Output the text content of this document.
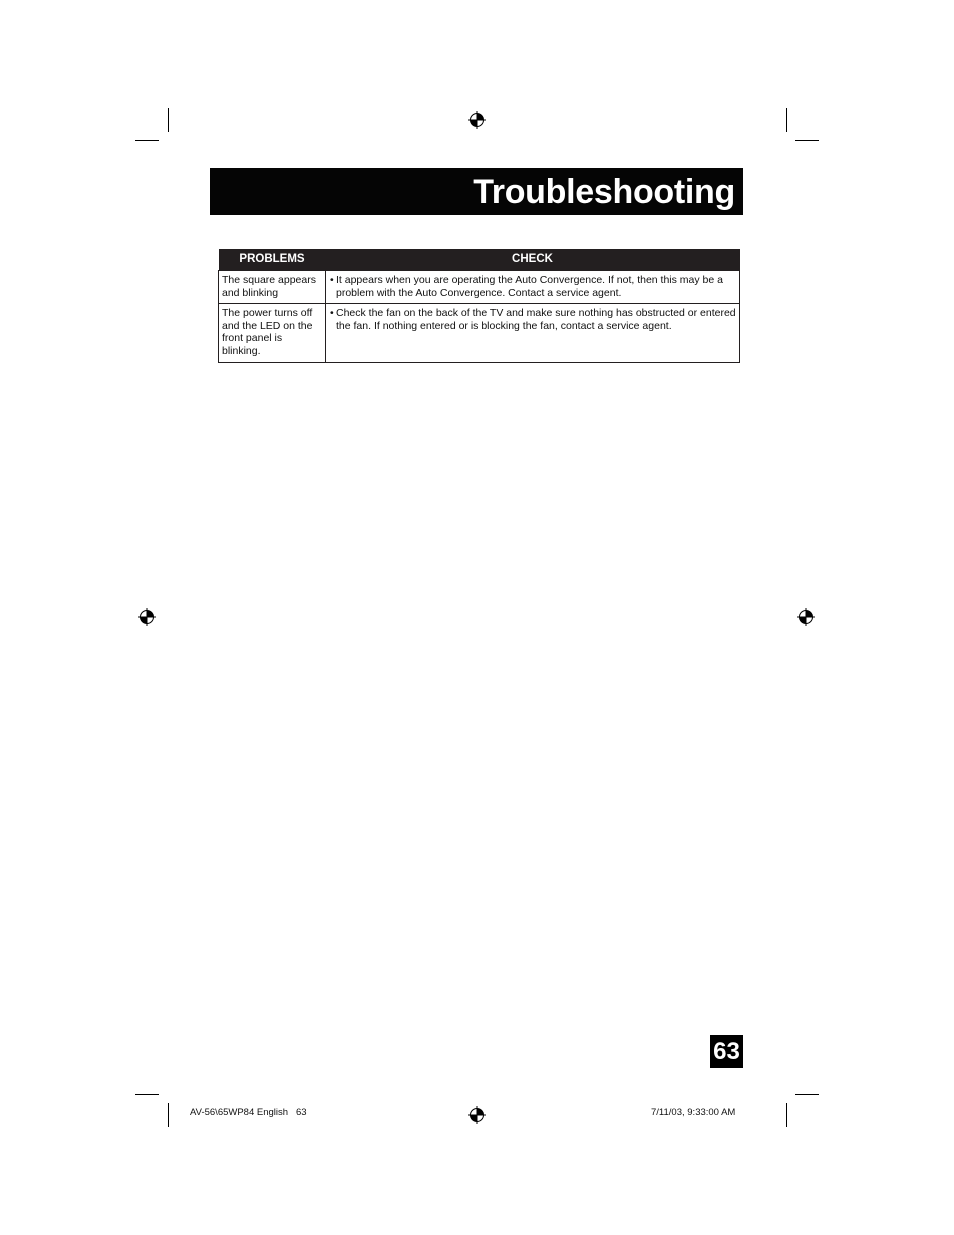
Troubleshooting
PROBLEMS	CHECK
The square appears and blinking	• It appears when you are operating the Auto Convergence. If not, then this may be a problem with the Auto Convergence. Contact a service agent.

The power turns off and the LED on the front panel is blinking.	• Check the fan on the back of the TV and make sure nothing has obstructed or entered the fan. If nothing entered or is blocking the fan, contact a service agent.
63
AV-56\65WP84 English   63	7/11/03, 9:33:00 AM
